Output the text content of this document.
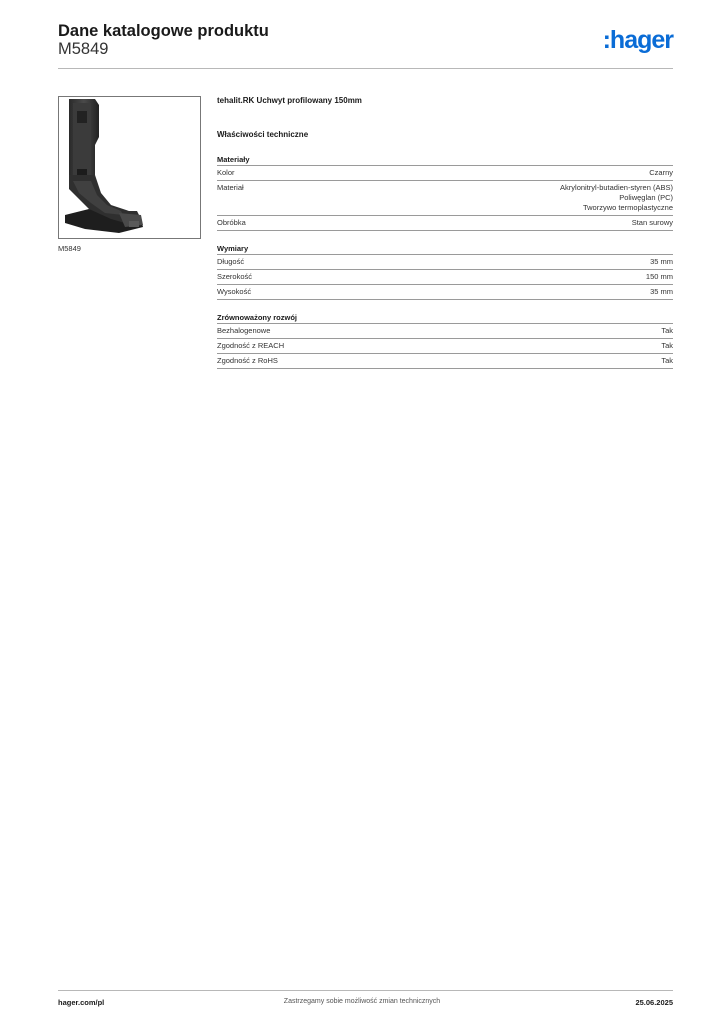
Dane katalogowe produktu
M5849	:hager
M5849
tehalit.RK Uchwyt profilowany 150mm
Właściwości techniczne
Materiały
Kolor	Czarny
Materiał	Akrylonitryl-butadien-styren (ABS)
Poliwęglan (PC)
Tworzywo termoplastyczne
Obróbka	Stan surowy
Wymiary
Długość	35 mm
Szerokość	150 mm
Wysokość	35 mm
Zrównoważony rozwój
Bezhalogenowe	Tak
Zgodność z REACH	Tak
Zgodność z RoHS	Tak
hager.com/pl	Zastrzegamy sobie możliwość zmian technicznych	25.06.2025
